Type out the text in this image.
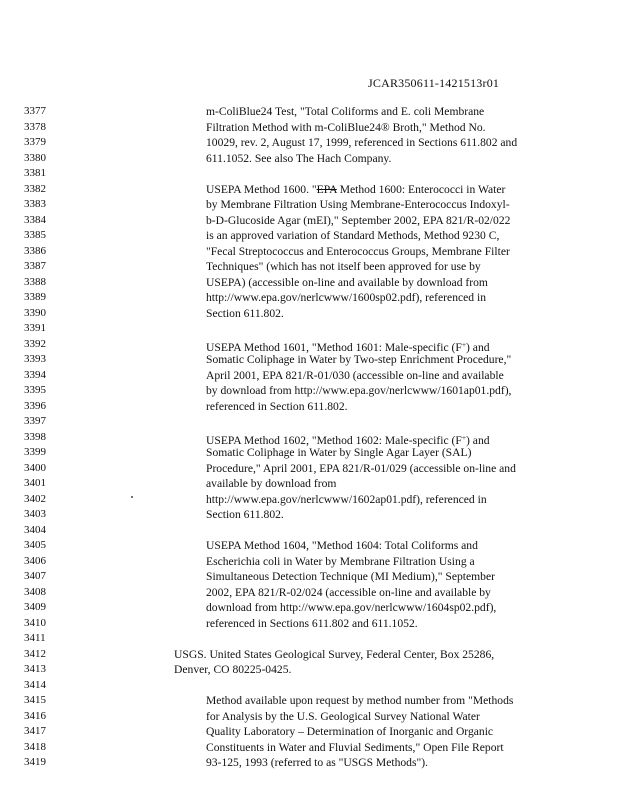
JCAR350611-1421513r01
3377	m-ColiBlue24 Test, "Total Coliforms and E. coli Membrane
3378	Filtration Method with m-ColiBlue24® Broth," Method No.
3379	10029, rev. 2, August 17, 1999, referenced in Sections 611.802 and
3380	611.1052. See also The Hach Company.
3381
3382	USEPA Method 1600. "EPA Method 1600: Enterococci in Water
3383	by Membrane Filtration Using Membrane-Enterococcus Indoxyl-
3384	b-D-Glucoside Agar (mEI)," September 2002, EPA 821/R-02/022
3385	is an approved variation of Standard Methods, Method 9230 C,
3386	"Fecal Streptococcus and Enterococcus Groups, Membrane Filter
3387	Techniques" (which has not itself been approved for use by
3388	USEPA) (accessible on-line and available by download from
3389	http://www.epa.gov/nerlcwww/1600sp02.pdf), referenced in
3390	Section 611.802.
3391
3392	USEPA Method 1601, "Method 1601: Male-specific (F+) and
3393	Somatic Coliphage in Water by Two-step Enrichment Procedure,"
3394	April 2001, EPA 821/R-01/030 (accessible on-line and available
3395	by download from http://www.epa.gov/nerlcwww/1601ap01.pdf),
3396	referenced in Section 611.802.
3397
3398	USEPA Method 1602, "Method 1602: Male-specific (F+) and
3399	Somatic Coliphage in Water by Single Agar Layer (SAL)
3400	Procedure," April 2001, EPA 821/R-01/029 (accessible on-line and
3401	available by download from
3402	http://www.epa.gov/nerlcwww/1602ap01.pdf), referenced in
3403	Section 611.802.
3404
3405	USEPA Method 1604, "Method 1604: Total Coliforms and
3406	Escherichia coli in Water by Membrane Filtration Using a
3407	Simultaneous Detection Technique (MI Medium)," September
3408	2002, EPA 821/R-02/024 (accessible on-line and available by
3409	download from http://www.epa.gov/nerlcwww/1604sp02.pdf),
3410	referenced in Sections 611.802 and 611.1052.
3411
3412	USGS. United States Geological Survey, Federal Center, Box 25286,
3413	Denver, CO 80225-0425.
3414
3415	Method available upon request by method number from "Methods
3416	for Analysis by the U.S. Geological Survey National Water
3417	Quality Laboratory – Determination of Inorganic and Organic
3418	Constituents in Water and Fluvial Sediments," Open File Report
3419	93-125, 1993 (referred to as "USGS Methods").
